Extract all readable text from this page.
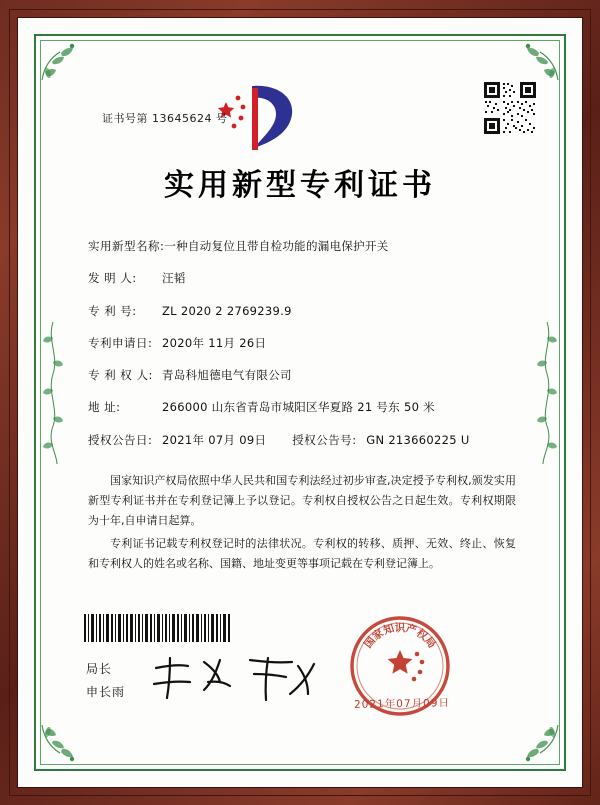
证书号第 13645624 号
实用新型专利证书
实用新型名称: 一种自动复位且带自检功能的漏电保护开关
发 明 人:	汪韬
专 利 号:	ZL 2020 2 2769239.9
专利申请日: 2020年 11月 26日
专 利 权 人: 青岛科旭德电气有限公司
地 址:	266000 山东省青岛市城阳区华夏路 21 号东 50 米
授权公告日: 2021年 07月 09日 授权公告号: GN 213660225 U

国家知识产权局依照中华人民共和国专利法经过初步审查,决定授予专利权,颁发实用新型专利证书并在专利登记簿上予以登记。专利权自授权公告之日起生效。专利权期限为十年,自申请日起算。

专利证书记载专利权登记时的法律状况。专利权的转移、质押、无效、终止、恢复和专利权人的姓名或名称、国籍、地址变更等事项记载在专利登记簿上。

局长
申长雨
国
家
知 识 产
权
局
2021年07月09日
